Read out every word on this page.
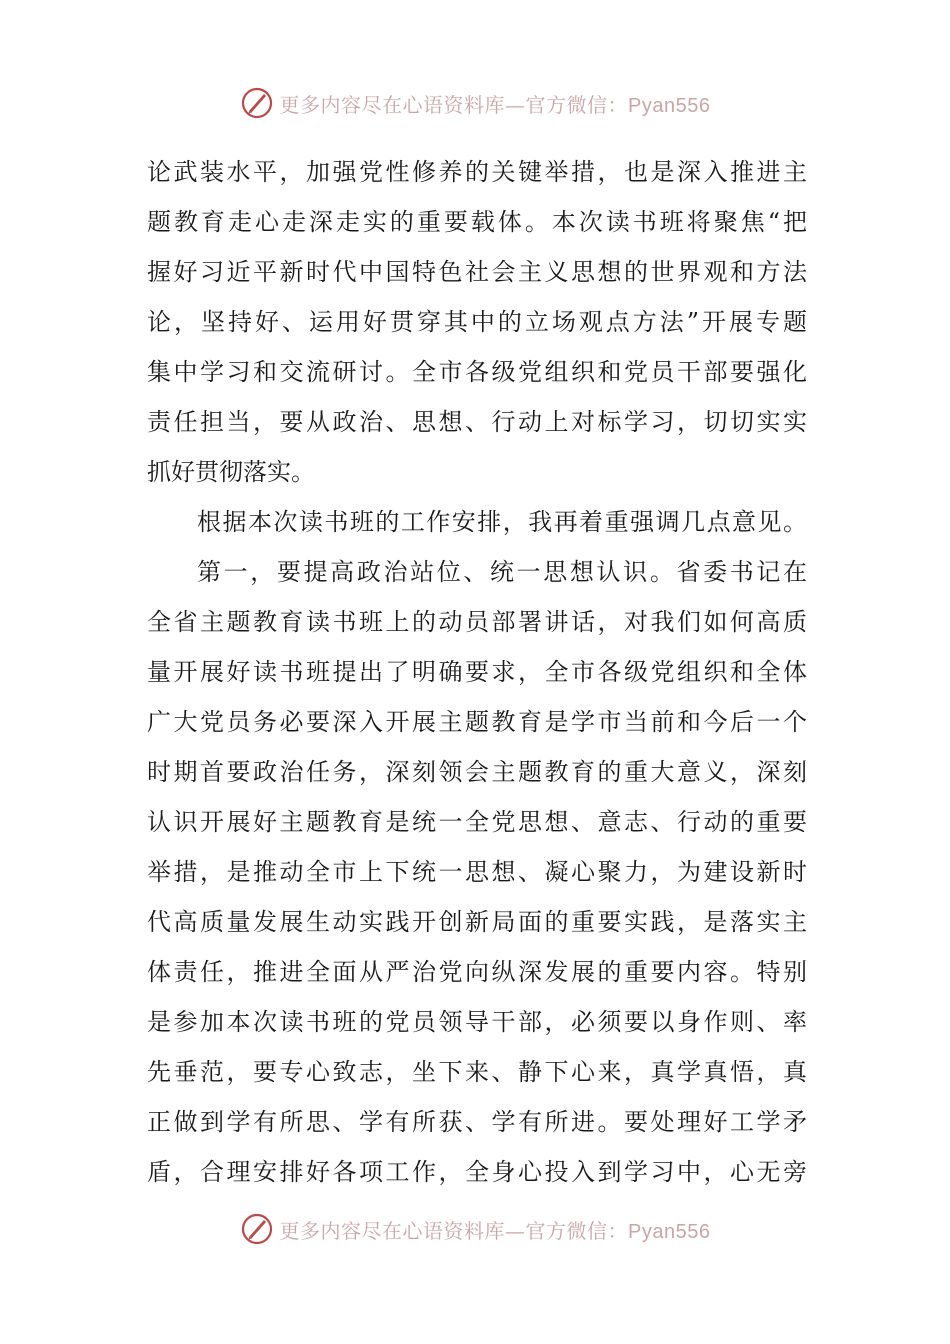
更多内容尽在心语资料库—官方微信：Pyan556
论武装水平，加强党性修养的关键举措，也是深入推进主
题教育走心走深走实的重要载体。本次读书班将聚焦“把
握好习近平新时代中国特色社会主义思想的世界观和方法
论，坚持好、运用好贯穿其中的立场观点方法”开展专题
集中学习和交流研讨。全市各级党组织和党员干部要强化
责任担当，要从政治、思想、行动上对标学习，切切实实
抓好贯彻落实。
根据本次读书班的工作安排，我再着重强调几点意见。
第一，要提高政治站位、统一思想认识。省委书记在
全省主题教育读书班上的动员部署讲话，对我们如何高质
量开展好读书班提出了明确要求，全市各级党组织和全体
广大党员务必要深入开展主题教育是学市当前和今后一个
时期首要政治任务，深刻领会主题教育的重大意义，深刻
认识开展好主题教育是统一全党思想、意志、行动的重要
举措，是推动全市上下统一思想、凝心聚力，为建设新时
代高质量发展生动实践开创新局面的重要实践，是落实主
体责任，推进全面从严治党向纵深发展的重要内容。特别
是参加本次读书班的党员领导干部，必须要以身作则、率
先垂范，要专心致志，坐下来、静下心来，真学真悟，真
正做到学有所思、学有所获、学有所进。要处理好工学矛
盾，合理安排好各项工作，全身心投入到学习中，心无旁
更多内容尽在心语资料库—官方微信：Pyan556
